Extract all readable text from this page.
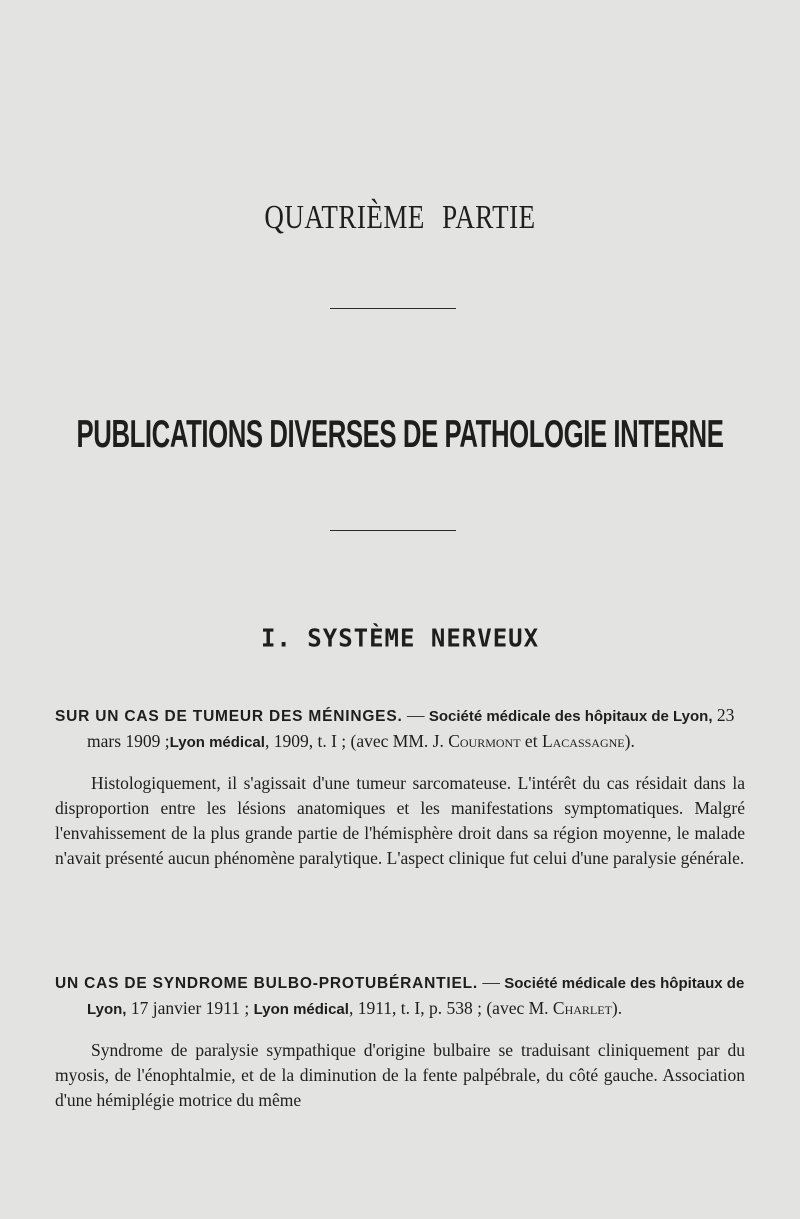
QUATRIÈME PARTIE
PUBLICATIONS DIVERSES DE PATHOLOGIE INTERNE
I. SYSTÈME NERVEUX

SUR UN CAS DE TUMEUR DES MÉNINGES. — Société médicale des hôpitaux de Lyon, 23 mars 1909 ;Lyon médical, 1909, t. I ; (avec MM. J. Courmont et Lacassagne).

Histologiquement, il s'agissait d'une tumeur sarcomateuse. L'intérêt du cas résidait dans la disproportion entre les lésions anatomiques et les manifestations symptomatiques. Malgré l'envahissement de la plus grande partie de l'hémisphère droit dans sa région moyenne, le malade n'avait présenté aucun phénomène paralytique. L'aspect clinique fut celui d'une paralysie générale.

UN CAS DE SYNDROME BULBO-PROTUBÉRANTIEL. — Société médicale des hôpitaux de Lyon, 17 janvier 1911 ; Lyon médical, 1911, t. I, p. 538 ; (avec M. Charlet).

Syndrome de paralysie sympathique d'origine bulbaire se traduisant cliniquement par du myosis, de l'énophtalmie, et de la diminution de la fente palpébrale, du côté gauche. Association d'une hémiplégie motrice du même
